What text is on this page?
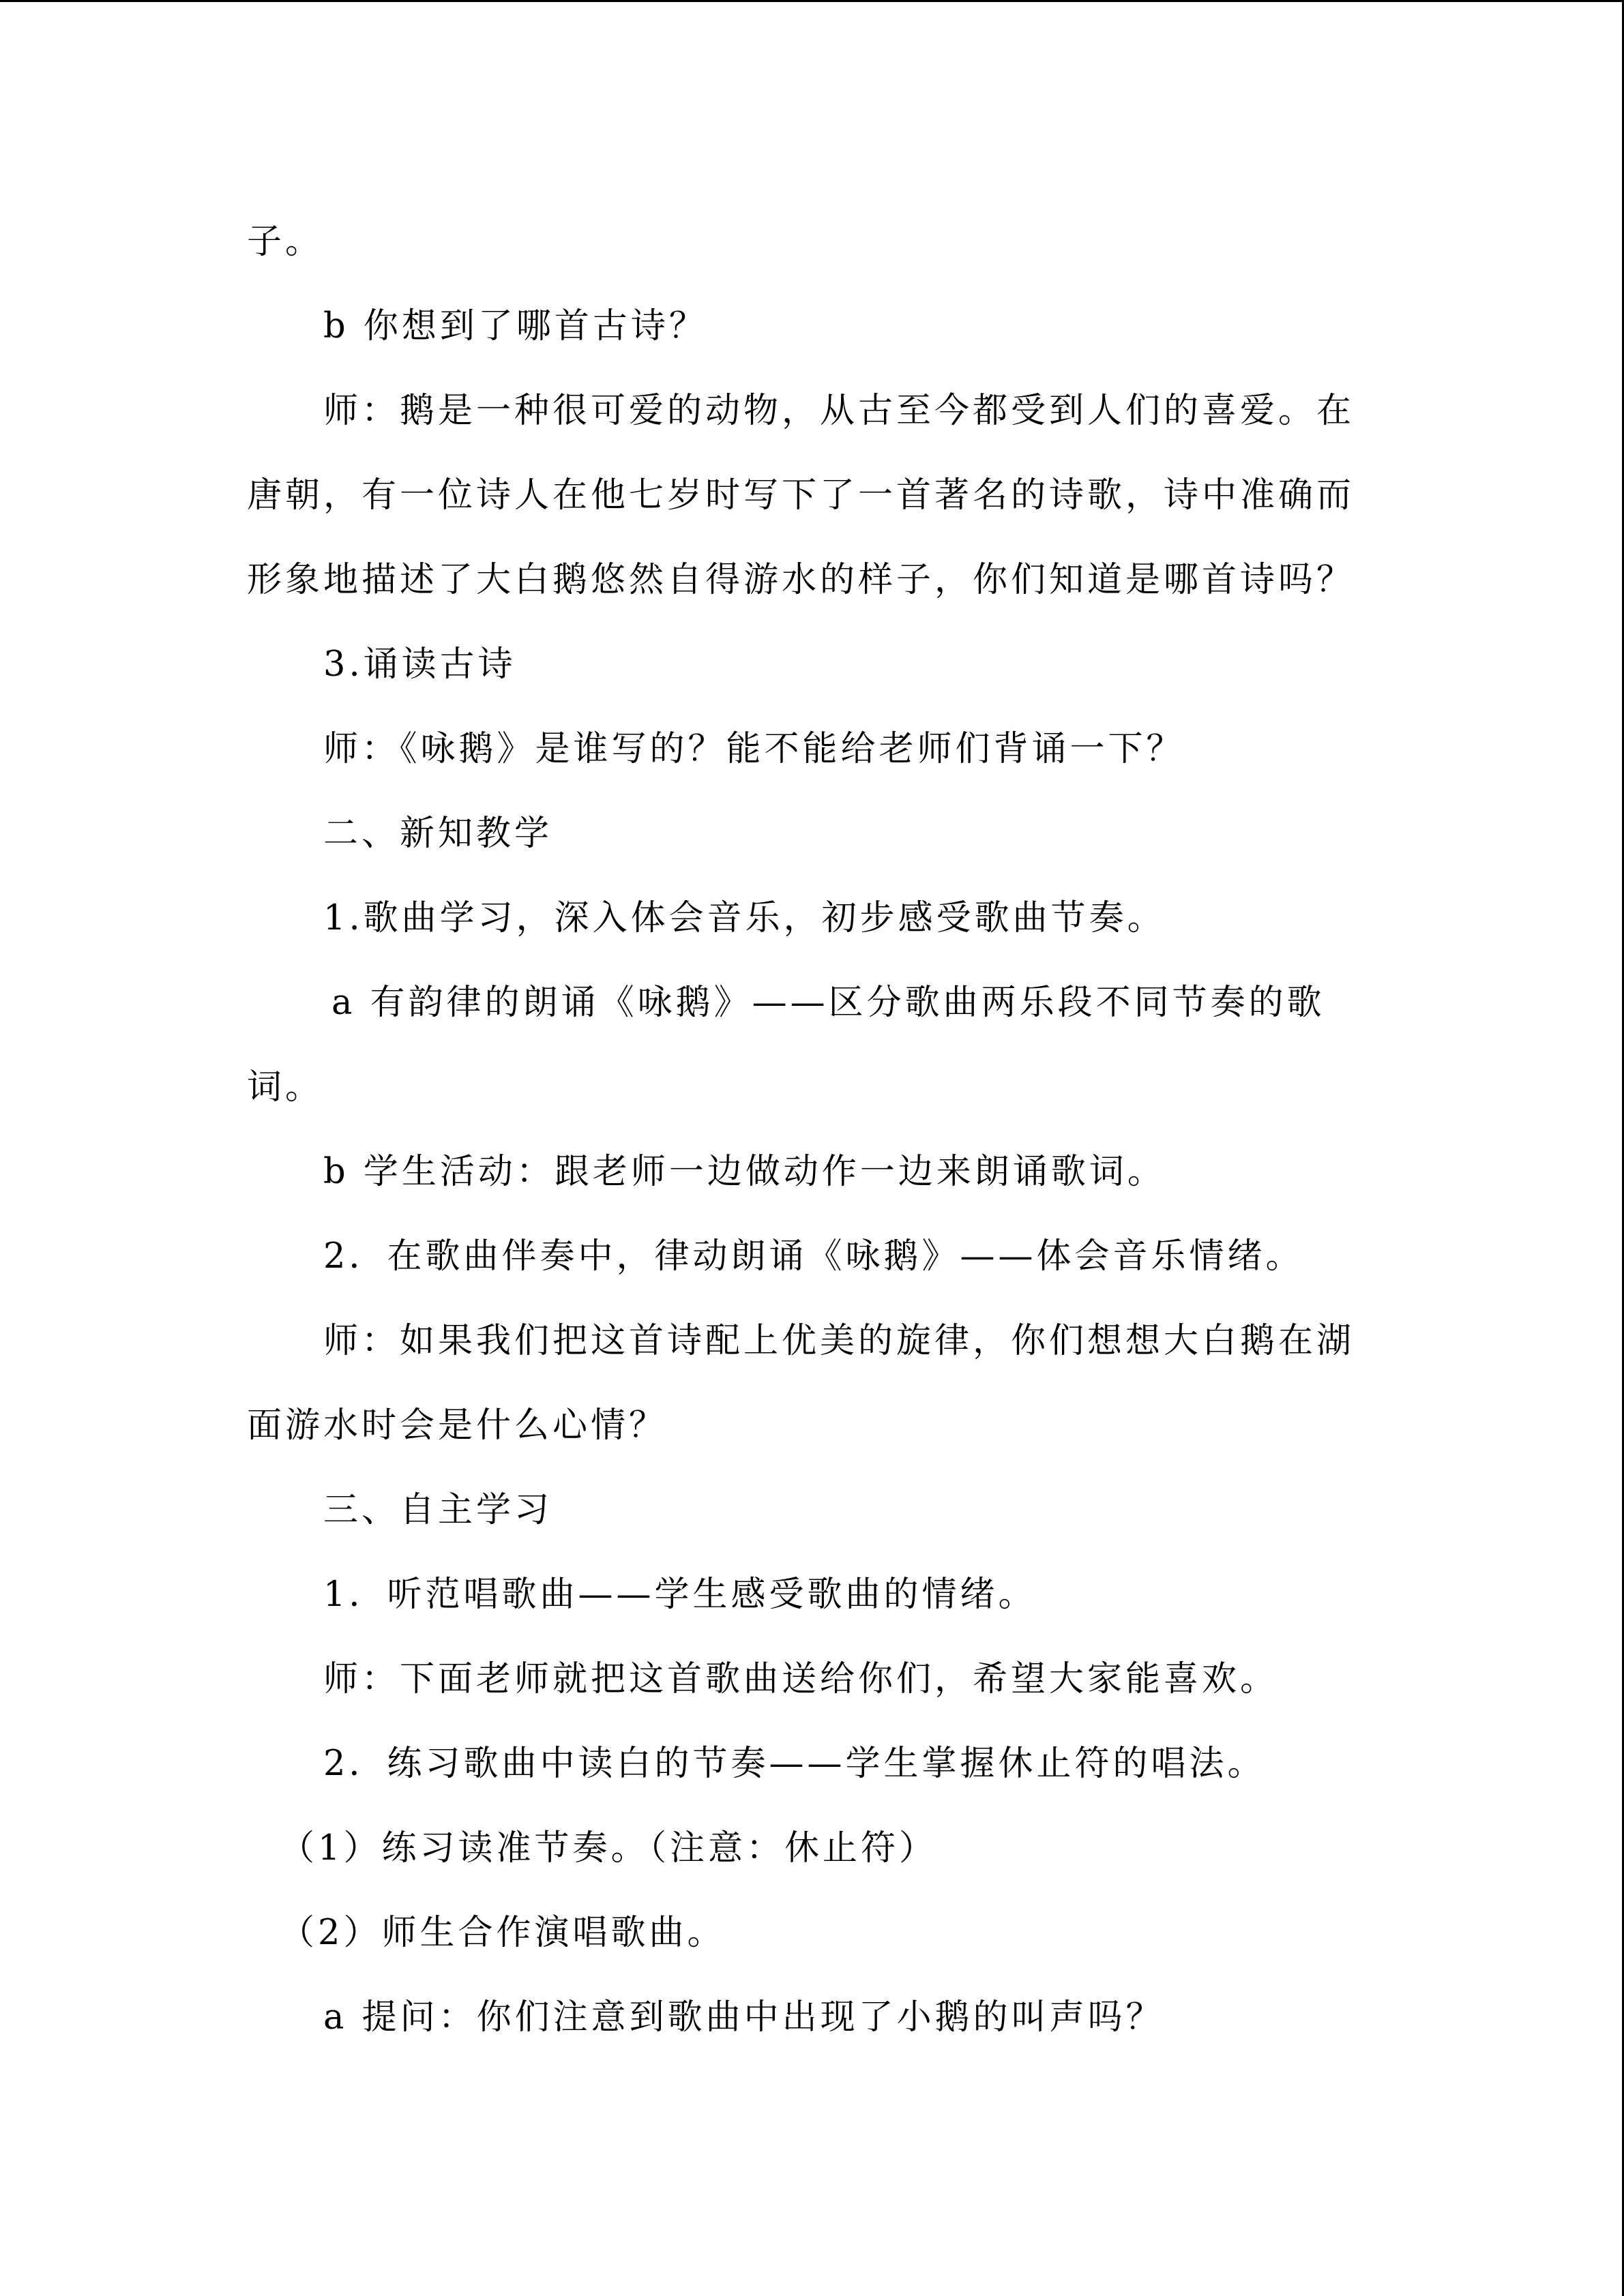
子。
b 你想到了哪首古诗？
师：鹅是一种很可爱的动物，从古至今都受到人们的喜爱。在
唐朝，有一位诗人在他七岁时写下了一首著名的诗歌，诗中准确而
形象地描述了大白鹅悠然自得游水的样子，你们知道是哪首诗吗？
3.诵读古诗
师：《咏鹅》是谁写的？能不能给老师们背诵一下？
二、新知教学
1.歌曲学习，深入体会音乐，初步感受歌曲节奏。
a 有韵律的朗诵《咏鹅》——区分歌曲两乐段不同节奏的歌
词。
b 学生活动：跟老师一边做动作一边来朗诵歌词。
2．在歌曲伴奏中，律动朗诵《咏鹅》——体会音乐情绪。
师：如果我们把这首诗配上优美的旋律，你们想想大白鹅在湖
面游水时会是什么心情？
三、自主学习
1．听范唱歌曲——学生感受歌曲的情绪。
师：下面老师就把这首歌曲送给你们，希望大家能喜欢。
2．练习歌曲中读白的节奏——学生掌握休止符的唱法。
（1）练习读准节奏。（注意：休止符）
（2）师生合作演唱歌曲。
a 提问：你们注意到歌曲中出现了小鹅的叫声吗？
